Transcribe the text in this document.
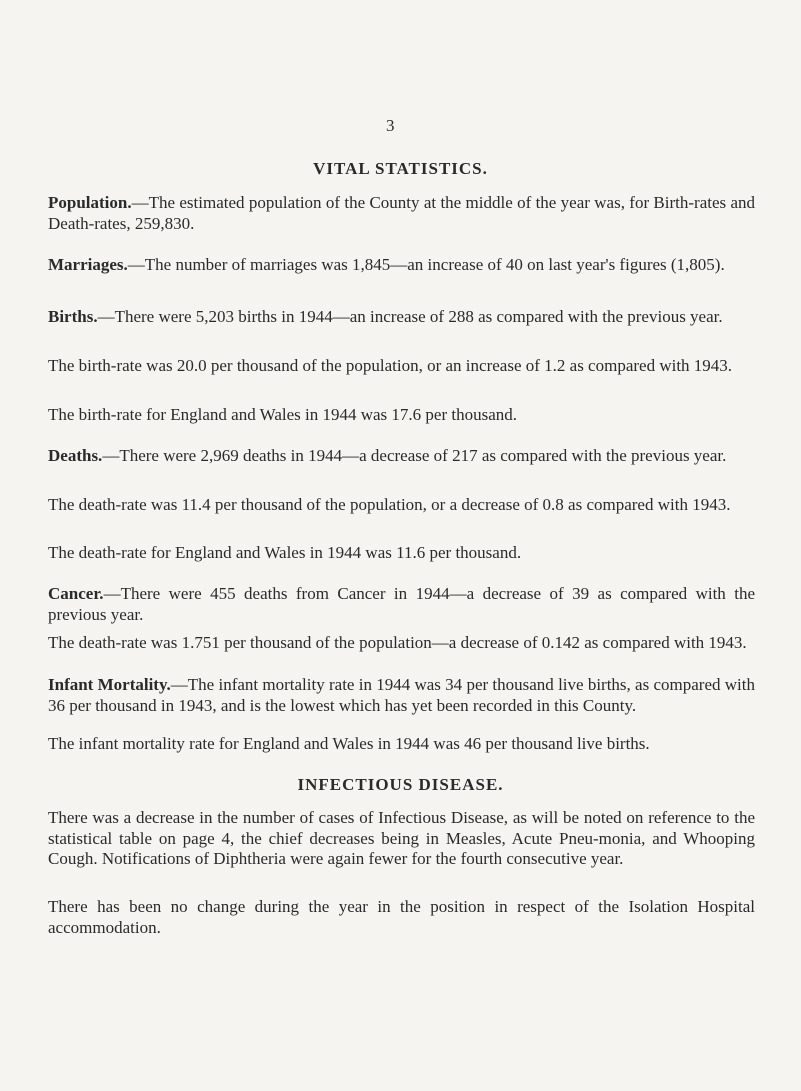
3
VITAL STATISTICS.
Population.—The estimated population of the County at the middle of the year was, for Birth-rates and Death-rates, 259,830.
Marriages.—The number of marriages was 1,845—an increase of 40 on last year's figures (1,805).
Births.—There were 5,203 births in 1944—an increase of 288 as compared with the previous year.
The birth-rate was 20.0 per thousand of the population, or an increase of 1.2 as compared with 1943.
The birth-rate for England and Wales in 1944 was 17.6 per thousand.
Deaths.—There were 2,969 deaths in 1944—a decrease of 217 as compared with the previous year.
The death-rate was 11.4 per thousand of the population, or a decrease of 0.8 as compared with 1943.
The death-rate for England and Wales in 1944 was 11.6 per thousand.
Cancer.—There were 455 deaths from Cancer in 1944—a decrease of 39 as compared with the previous year.
The death-rate was 1.751 per thousand of the population—a decrease of 0.142 as compared with 1943.
Infant Mortality.—The infant mortality rate in 1944 was 34 per thousand live births, as compared with 36 per thousand in 1943, and is the lowest which has yet been recorded in this County.
The infant mortality rate for England and Wales in 1944 was 46 per thousand live births.
INFECTIOUS DISEASE.
There was a decrease in the number of cases of Infectious Disease, as will be noted on reference to the statistical table on page 4, the chief decreases being in Measles, Acute Pneu-monia, and Whooping Cough. Notifications of Diphtheria were again fewer for the fourth consecutive year.
There has been no change during the year in the position in respect of the Isolation Hospital accommodation.
